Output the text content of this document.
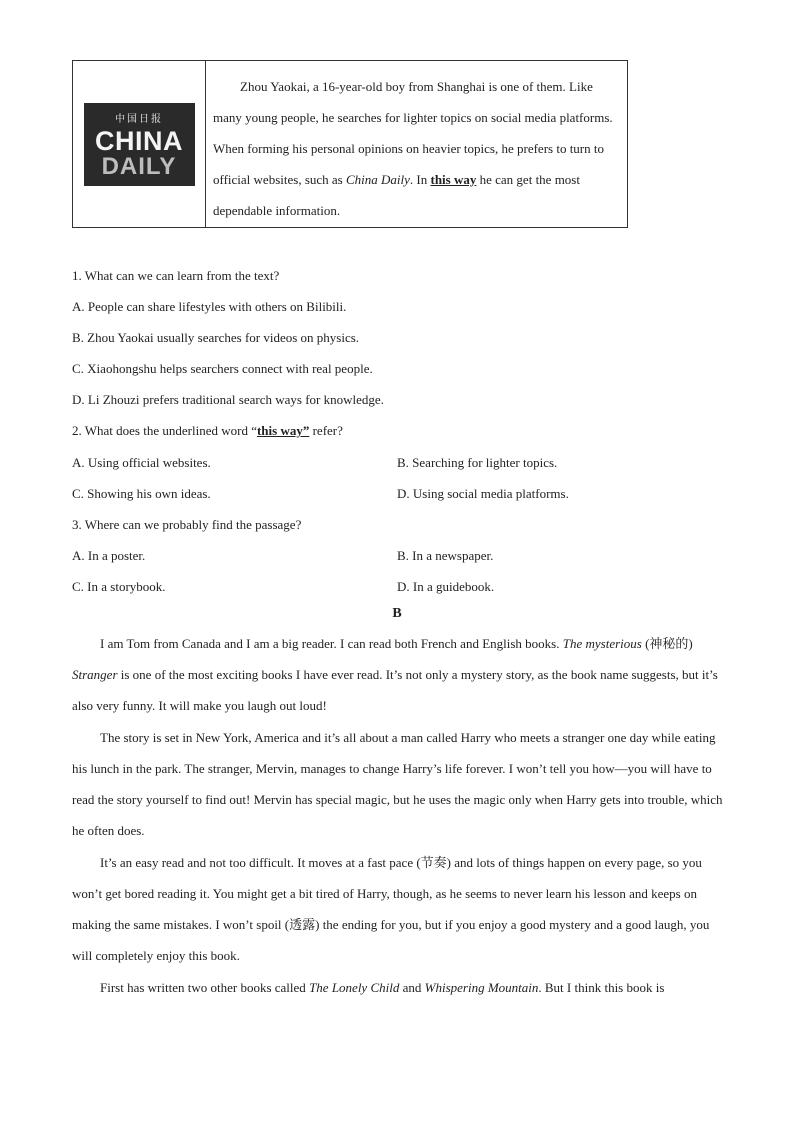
中国日报
CHINA
DAILY

Zhou Yaokai, a 16-year-old boy from Shanghai is one of them. Like many young people, he searches for lighter topics on social media platforms. When forming his personal opinions on heavier topics, he prefers to turn to official websites, such as China Daily. In this way he can get the most dependable information.

1. What can we can learn from the text?
A. People can share lifestyles with others on Bilibili.
B. Zhou Yaokai usually searches for videos on physics.
C. Xiaohongshu helps searchers connect with real people.
D. Li Zhouzi prefers traditional search ways for knowledge.
2. What does the underlined word “this way” refer?
A. Using official websites.	B. Searching for lighter topics.
C. Showing his own ideas.	D. Using social media platforms.
3. Where can we probably find the passage?
A. In a poster.	B. In a newspaper.
C. In a storybook.	D. In a guidebook.
B

I am Tom from Canada and I am a big reader. I can read both French and English books. The mysterious (神秘的) Stranger is one of the most exciting books I have ever read. It’s not only a mystery story, as the book name suggests, but it’s also very funny. It will make you laugh out loud!

The story is set in New York, America and it’s all about a man called Harry who meets a stranger one day while eating his lunch in the park. The stranger, Mervin, manages to change Harry’s life forever. I won’t tell you how—you will have to read the story yourself to find out! Mervin has special magic, but he uses the magic only when Harry gets into trouble, which he often does.

It’s an easy read and not too difficult. It moves at a fast pace (节奏) and lots of things happen on every page, so you won’t get bored reading it. You might get a bit tired of Harry, though, as he seems to never learn his lesson and keeps on making the same mistakes. I won’t spoil (透露) the ending for you, but if you enjoy a good mystery and a good laugh, you will completely enjoy this book.

First has written two other books called The Lonely Child and Whispering Mountain. But I think this book is
